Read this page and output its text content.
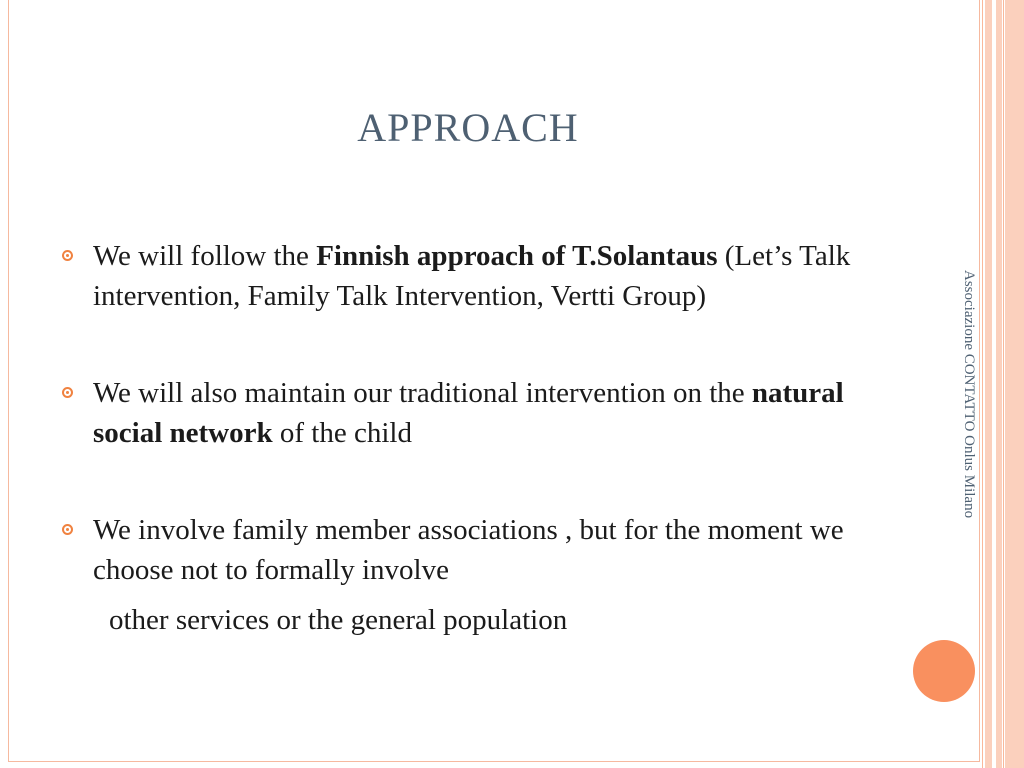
APPROACH
We will follow the Finnish approach of T.Solantaus (Let’s Talk intervention, Family Talk Intervention, Vertti Group)
We will also maintain our traditional intervention on the natural social network of the child
We involve family member associations , but for the moment we choose not to formally involve
other services or the general population
Associazione CONTATTO Onlus Milano
